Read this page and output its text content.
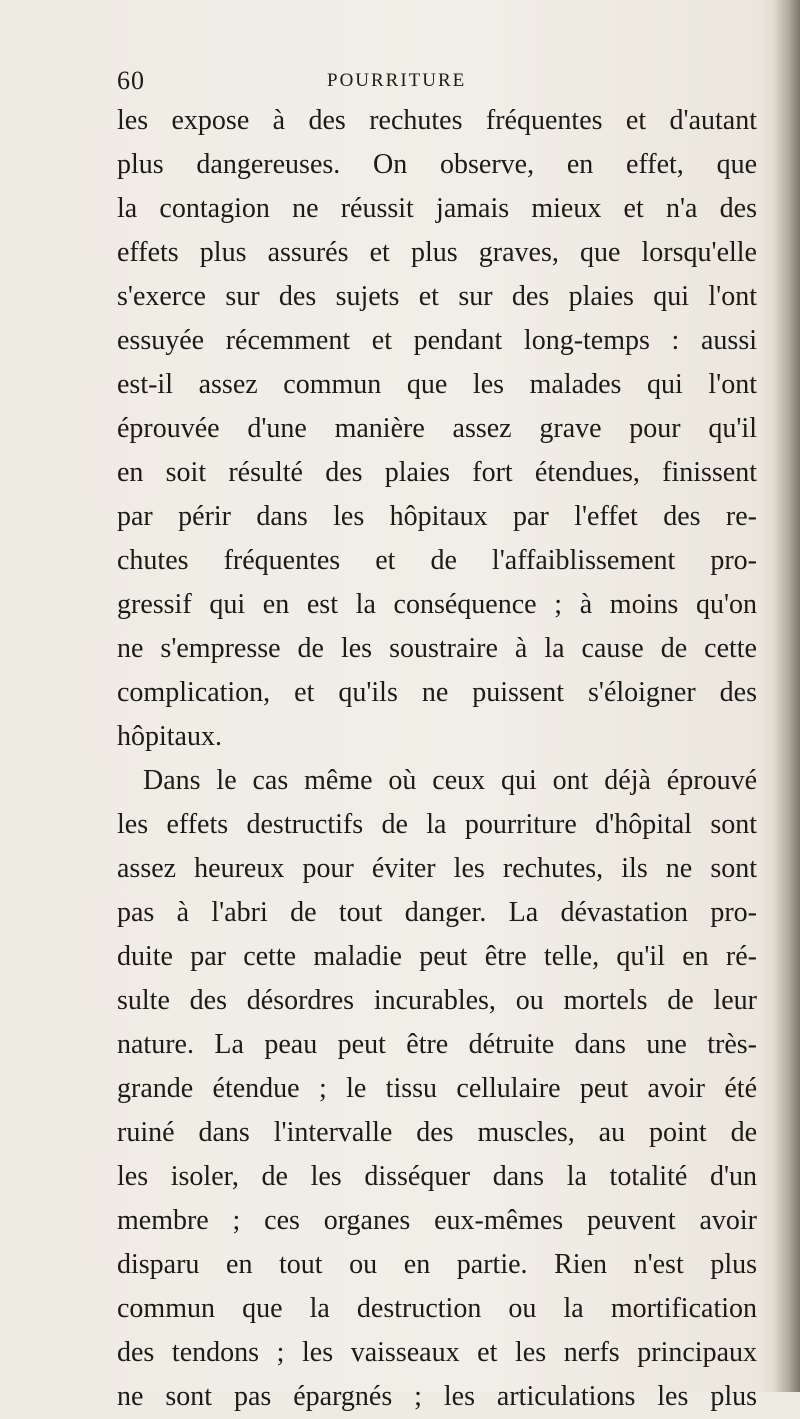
60	POURRITURE
les expose à des rechutes fréquentes et d'autant
plus dangereuses. On observe, en effet, que
la contagion ne réussit jamais mieux et n'a des
effets plus assurés et plus graves, que lorsqu'elle
s'exerce sur des sujets et sur des plaies qui l'ont
essuyée récemment et pendant long-temps : aussi
est-il assez commun que les malades qui l'ont
éprouvée d'une manière assez grave pour qu'il
en soit résulté des plaies fort étendues, finissent
par périr dans les hôpitaux par l'effet des re-
chutes fréquentes et de l'affaiblissement pro-
gressif qui en est la conséquence ; à moins qu'on
ne s'empresse de les soustraire à la cause de cette
complication, et qu'ils ne puissent s'éloigner des
hôpitaux.
Dans le cas même où ceux qui ont déjà éprouvé
les effets destructifs de la pourriture d'hôpital sont
assez heureux pour éviter les rechutes, ils ne sont
pas à l'abri de tout danger. La dévastation pro-
duite par cette maladie peut être telle, qu'il en ré-
sulte des désordres incurables, ou mortels de leur
nature. La peau peut être détruite dans une très-
grande étendue ; le tissu cellulaire peut avoir été
ruiné dans l'intervalle des muscles, au point de
les isoler, de les disséquer dans la totalité d'un
membre ; ces organes eux-mêmes peuvent avoir
disparu en tout ou en partie. Rien n'est plus
commun que la destruction ou la mortification
des tendons ; les vaisseaux et les nerfs principaux
ne sont pas épargnés ; les articulations les plus
